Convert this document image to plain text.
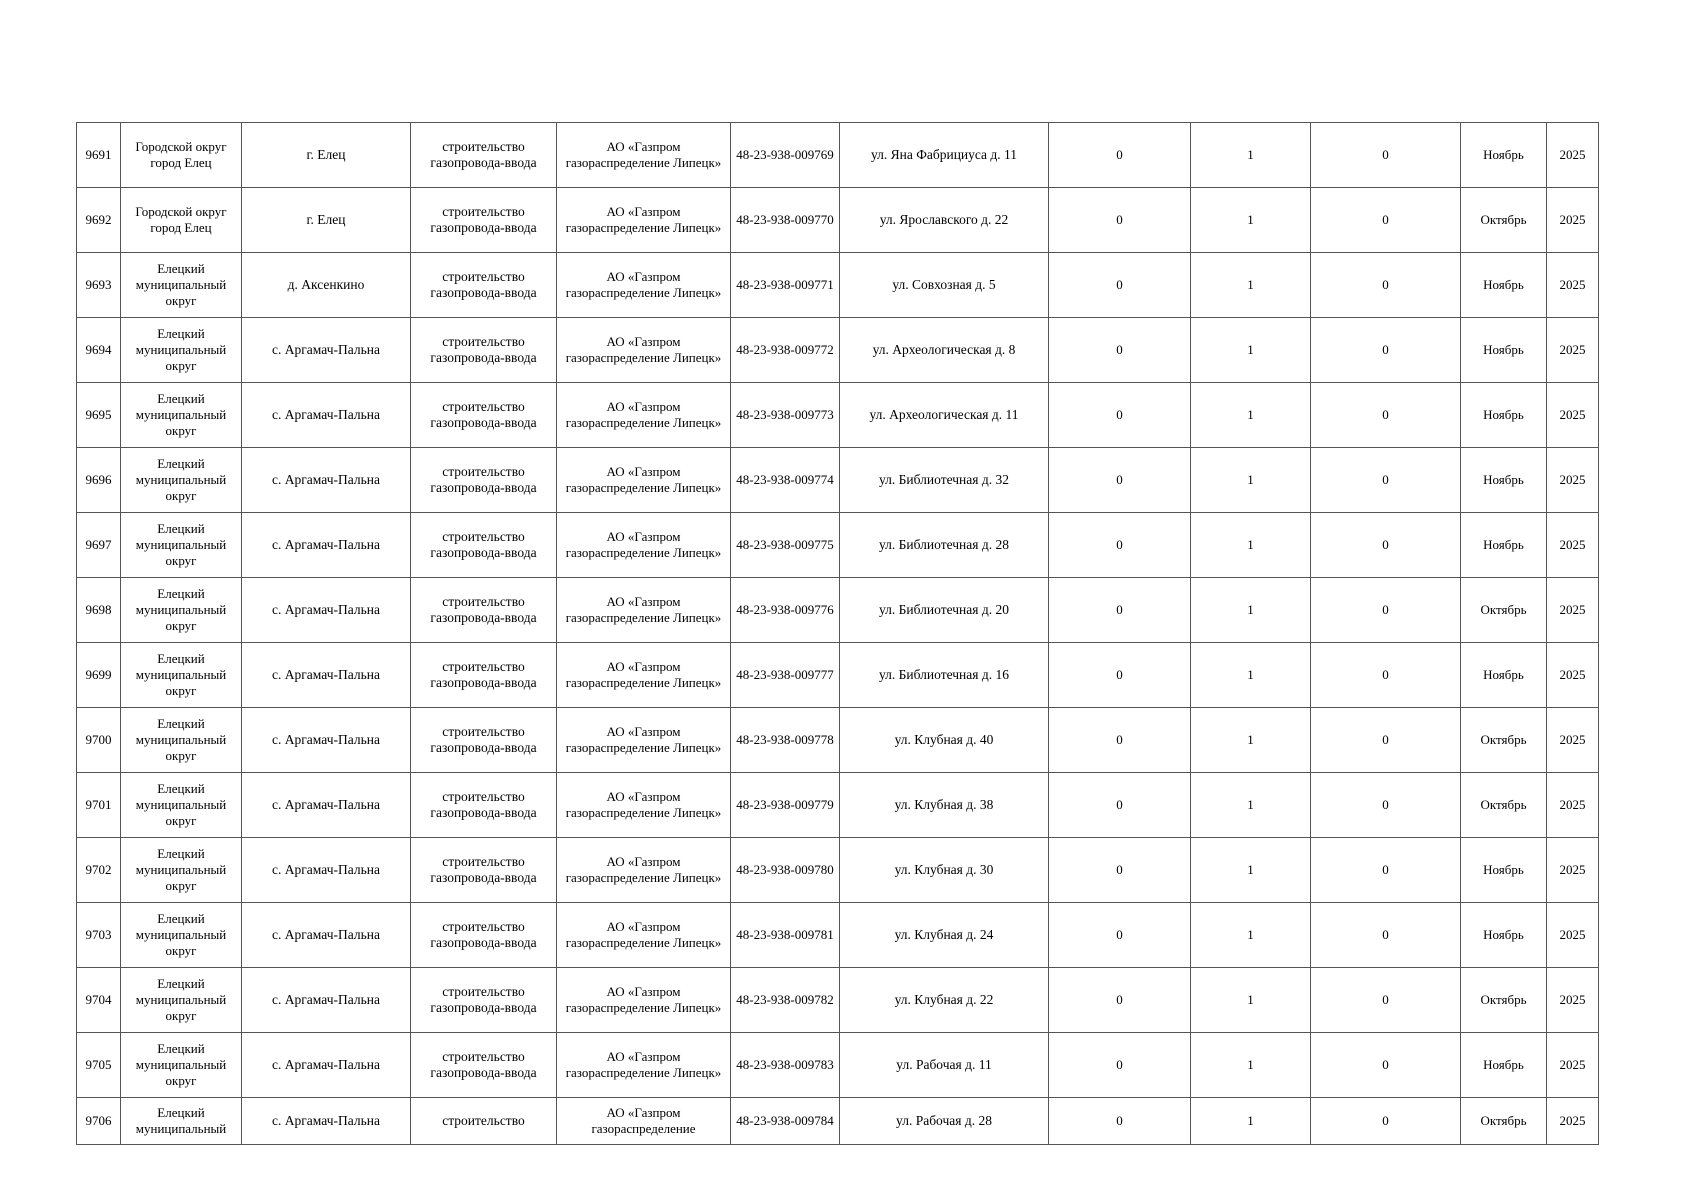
9691	Городской округ город Елец	г. Елец	строительство газопровода-ввода	АО «Газпром газораспределение Липецк»	48-23-938-009769	ул. Яна Фабрициуса д. 11	0	1	0	Ноябрь	2025
9692	Городской округ город Елец	г. Елец	строительство газопровода-ввода	АО «Газпром газораспределение Липецк»	48-23-938-009770	ул. Ярославского д. 22	0	1	0	Октябрь	2025
9693	Елецкий муниципальный округ	д. Аксенкино	строительство газопровода-ввода	АО «Газпром газораспределение Липецк»	48-23-938-009771	ул. Совхозная д. 5	0	1	0	Ноябрь	2025
9694	Елецкий муниципальный округ	с. Аргамач-Пальна	строительство газопровода-ввода	АО «Газпром газораспределение Липецк»	48-23-938-009772	ул. Археологическая д. 8	0	1	0	Ноябрь	2025
9695	Елецкий муниципальный округ	с. Аргамач-Пальна	строительство газопровода-ввода	АО «Газпром газораспределение Липецк»	48-23-938-009773	ул. Археологическая д. 11	0	1	0	Ноябрь	2025
9696	Елецкий муниципальный округ	с. Аргамач-Пальна	строительство газопровода-ввода	АО «Газпром газораспределение Липецк»	48-23-938-009774	ул. Библиотечная д. 32	0	1	0	Ноябрь	2025
9697	Елецкий муниципальный округ	с. Аргамач-Пальна	строительство газопровода-ввода	АО «Газпром газораспределение Липецк»	48-23-938-009775	ул. Библиотечная д. 28	0	1	0	Ноябрь	2025
9698	Елецкий муниципальный округ	с. Аргамач-Пальна	строительство газопровода-ввода	АО «Газпром газораспределение Липецк»	48-23-938-009776	ул. Библиотечная д. 20	0	1	0	Октябрь	2025
9699	Елецкий муниципальный округ	с. Аргамач-Пальна	строительство газопровода-ввода	АО «Газпром газораспределение Липецк»	48-23-938-009777	ул. Библиотечная д. 16	0	1	0	Ноябрь	2025
9700	Елецкий муниципальный округ	с. Аргамач-Пальна	строительство газопровода-ввода	АО «Газпром газораспределение Липецк»	48-23-938-009778	ул. Клубная д. 40	0	1	0	Октябрь	2025
9701	Елецкий муниципальный округ	с. Аргамач-Пальна	строительство газопровода-ввода	АО «Газпром газораспределение Липецк»	48-23-938-009779	ул. Клубная д. 38	0	1	0	Октябрь	2025
9702	Елецкий муниципальный округ	с. Аргамач-Пальна	строительство газопровода-ввода	АО «Газпром газораспределение Липецк»	48-23-938-009780	ул. Клубная д. 30	0	1	0	Ноябрь	2025
9703	Елецкий муниципальный округ	с. Аргамач-Пальна	строительство газопровода-ввода	АО «Газпром газораспределение Липецк»	48-23-938-009781	ул. Клубная д. 24	0	1	0	Ноябрь	2025
9704	Елецкий муниципальный округ	с. Аргамач-Пальна	строительство газопровода-ввода	АО «Газпром газораспределение Липецк»	48-23-938-009782	ул. Клубная д. 22	0	1	0	Октябрь	2025
9705	Елецкий муниципальный округ	с. Аргамач-Пальна	строительство газопровода-ввода	АО «Газпром газораспределение Липецк»	48-23-938-009783	ул. Рабочая д. 11	0	1	0	Ноябрь	2025
9706	Елецкий муниципальный	с. Аргамач-Пальна	строительство	АО «Газпром газораспределение	48-23-938-009784	ул. Рабочая д. 28	0	1	0	Октябрь	2025
